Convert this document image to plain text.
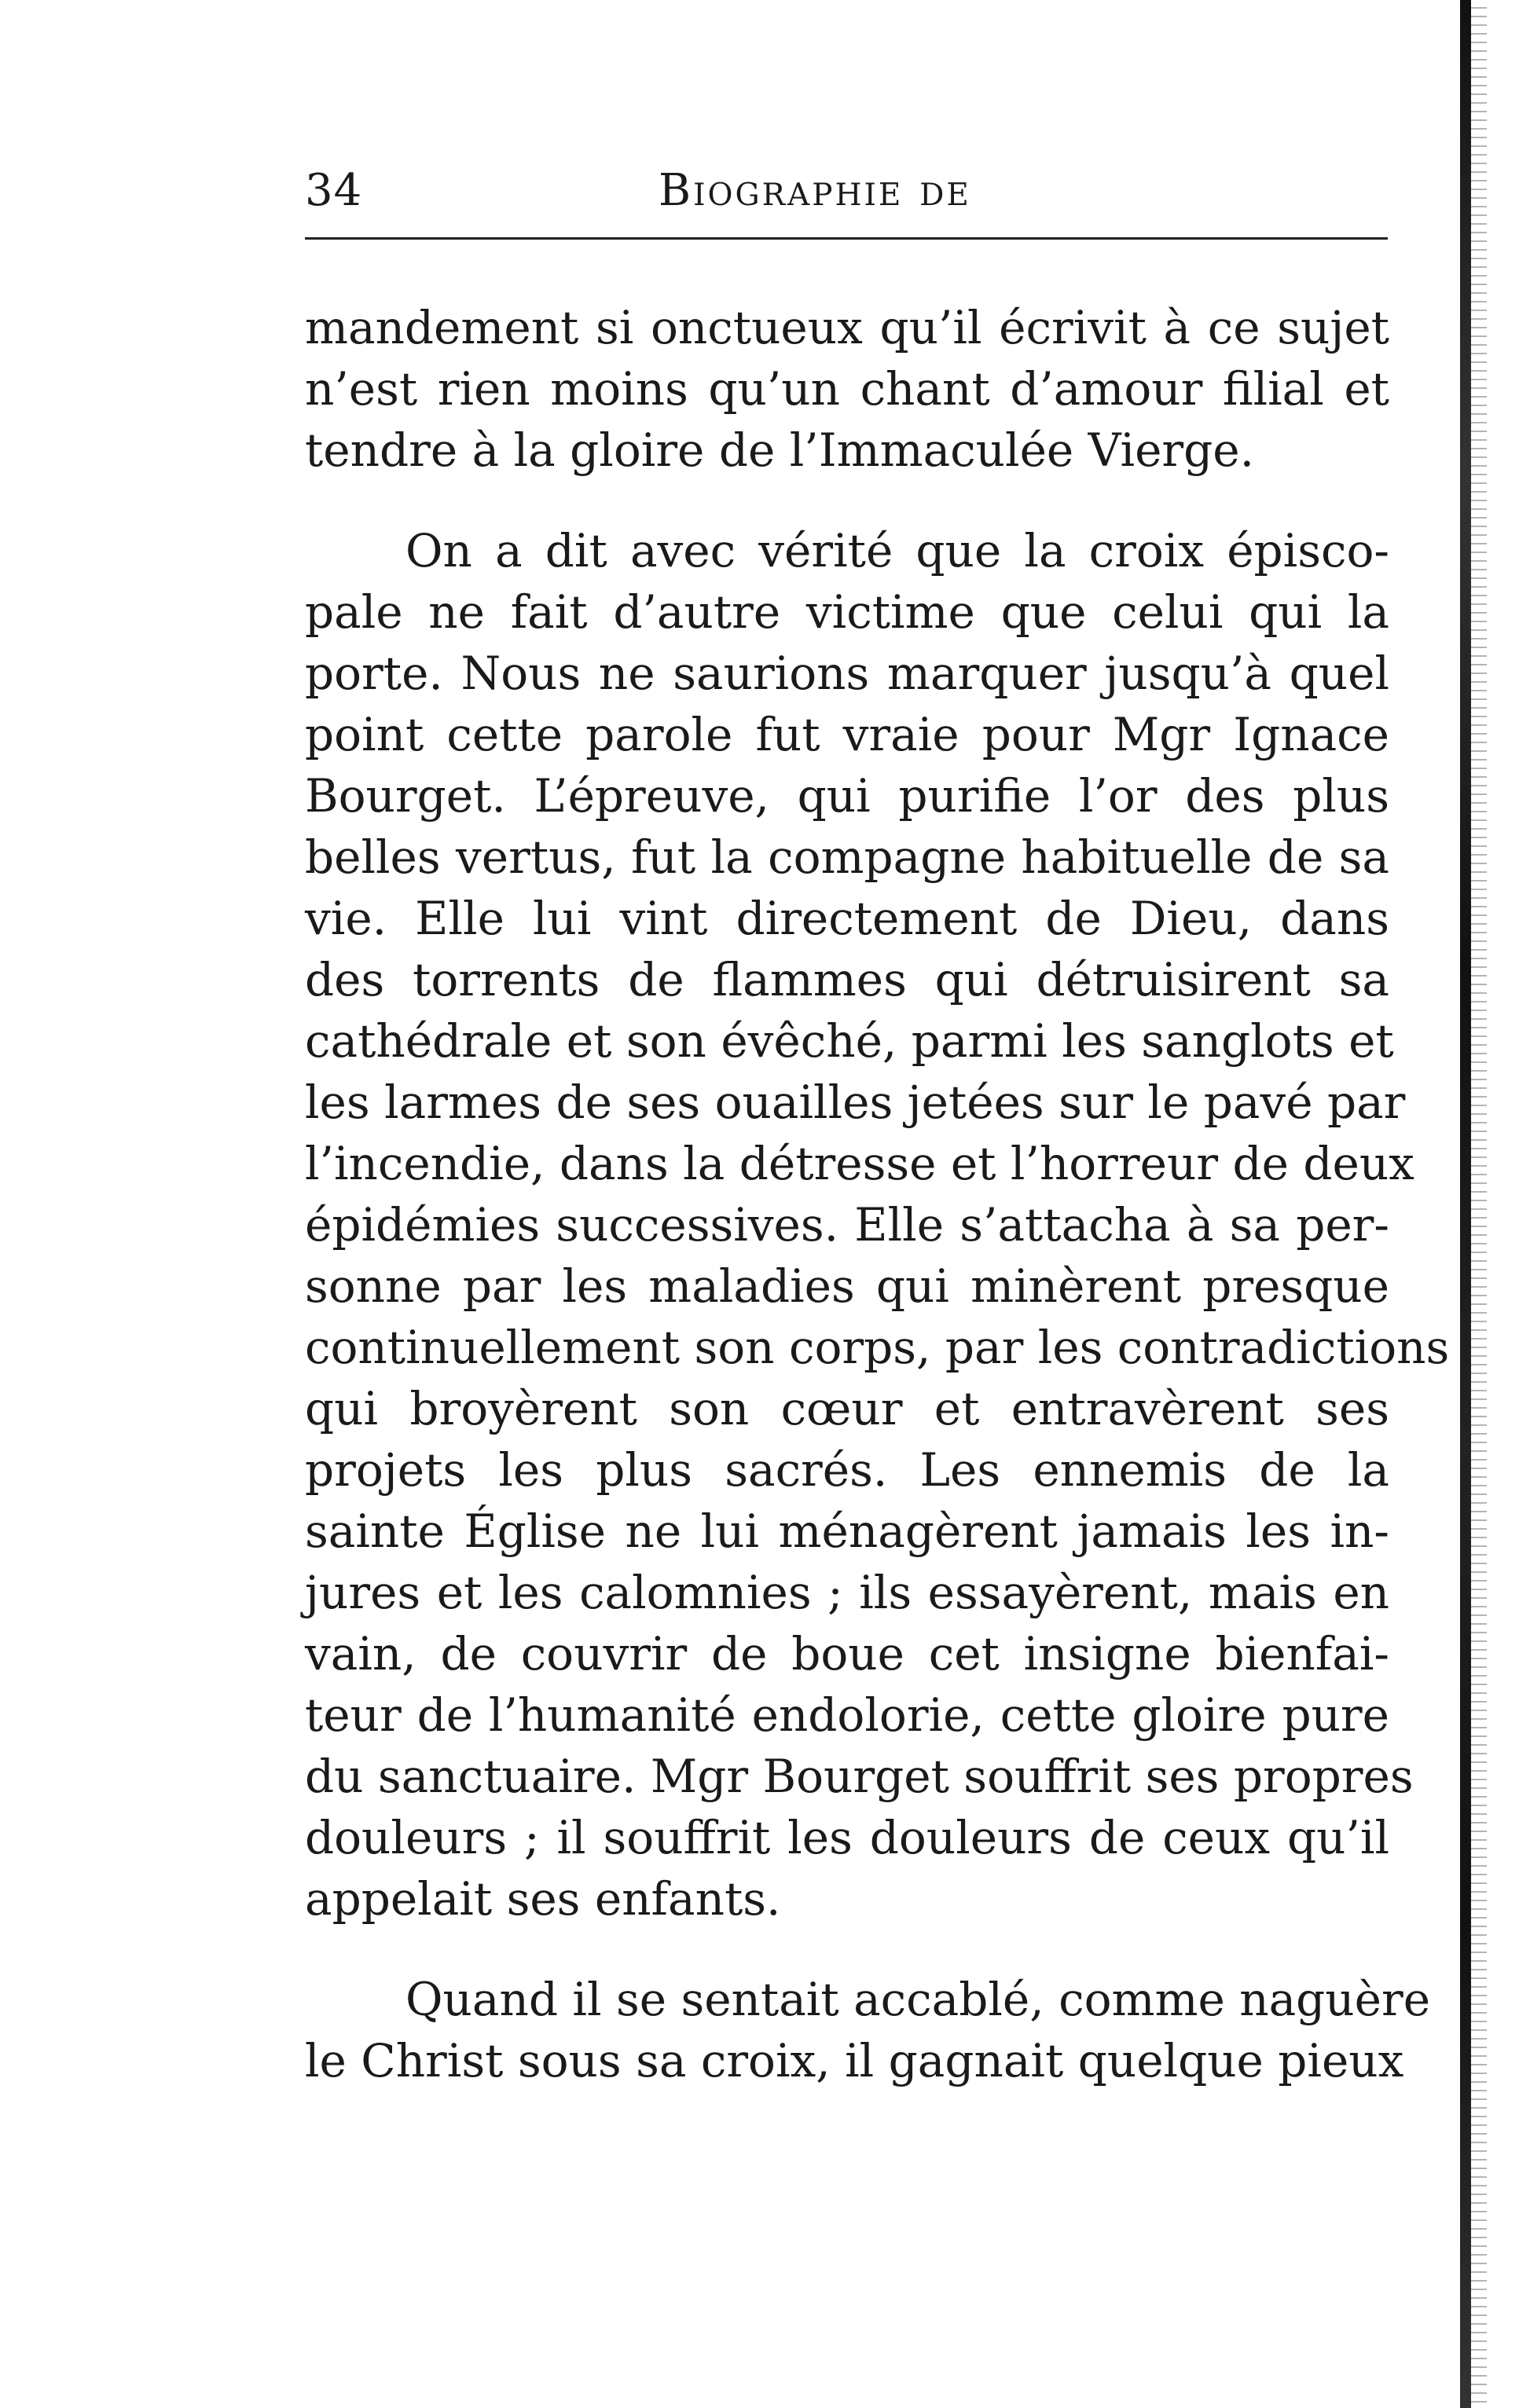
34	Biographie de
mandement si onctueux qu’il écrivit à ce sujet
n’est rien moins qu’un chant d’amour filial et
tendre à la gloire de l’Immaculée Vierge.
On a dit avec vérité que la croix épisco-
pale ne fait d’autre victime que celui qui la
porte. Nous ne saurions marquer jusqu’à quel
point cette parole fut vraie pour Mgr Ignace
Bourget. L’épreuve, qui purifie l’or des plus
belles vertus, fut la compagne habituelle de sa
vie. Elle lui vint directement de Dieu, dans
des torrents de flammes qui détruisirent sa
cathédrale et son évêché, parmi les sanglots et
les larmes de ses ouailles jetées sur le pavé par
l’incendie, dans la détresse et l’horreur de deux
épidémies successives. Elle s’attacha à sa per-
sonne par les maladies qui minèrent presque
continuellement son corps, par les contradictions
qui broyèrent son cœur et entravèrent ses
projets les plus sacrés. Les ennemis de la
sainte Église ne lui ménagèrent jamais les in-
jures et les calomnies ; ils essayèrent, mais en
vain, de couvrir de boue cet insigne bienfai-
teur de l’humanité endolorie, cette gloire pure
du sanctuaire. Mgr Bourget souffrit ses propres
douleurs ; il souffrit les douleurs de ceux qu’il
appelait ses enfants.
Quand il se sentait accablé, comme naguère
le Christ sous sa croix, il gagnait quelque pieux
